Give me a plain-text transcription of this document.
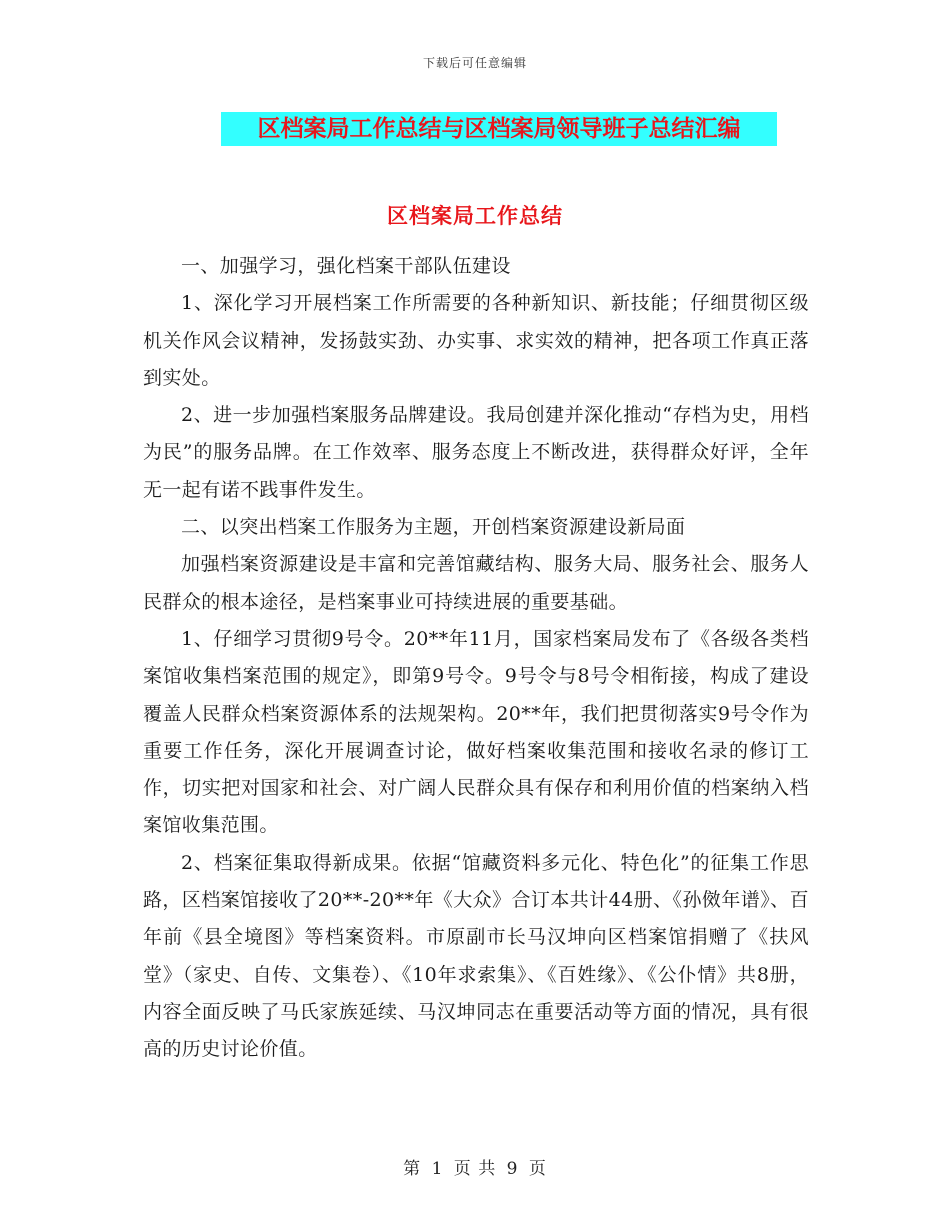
下载后可任意编辑
区档案局工作总结与区档案局领导班子总结汇编
区档案局工作总结

一、加强学习，强化档案干部队伍建设

1、深化学习开展档案工作所需要的各种新知识、新技能；仔细贯彻区级机关作风会议精神，发扬鼓实劲、办实事、求实效的精神，把各项工作真正落到实处。

2、进一步加强档案服务品牌建设。我局创建并深化推动“存档为史，用档为民”的服务品牌。在工作效率、服务态度上不断改进，获得群众好评，全年无一起有诺不践事件发生。

二、以突出档案工作服务为主题，开创档案资源建设新局面

加强档案资源建设是丰富和完善馆藏结构、服务大局、服务社会、服务人民群众的根本途径，是档案事业可持续进展的重要基础。

1、仔细学习贯彻9号令。20**年11月，国家档案局发布了《各级各类档案馆收集档案范围的规定》，即第9号令。9号令与8号令相衔接，构成了建设覆盖人民群众档案资源体系的法规架构。20**年，我们把贯彻落实9号令作为重要工作任务，深化开展调查讨论，做好档案收集范围和接收名录的修订工作，切实把对国家和社会、对广阔人民群众具有保存和利用价值的档案纳入档案馆收集范围。

2、档案征集取得新成果。依据“馆藏资料多元化、特色化”的征集工作思路，区档案馆接收了20**-20**年《大众》合订本共计44册、《孙傚年谱》、百年前《县全境图》等档案资料。市原副市长马汉坤向区档案馆捐赠了《扶风堂》（家史、自传、文集卷）、《10年求索集》、《百姓缘》、《公仆情》共8册，内容全面反映了马氏家族延续、马汉坤同志在重要活动等方面的情况，具有很高的历史讨论价值。

第 1 页 共 9 页
